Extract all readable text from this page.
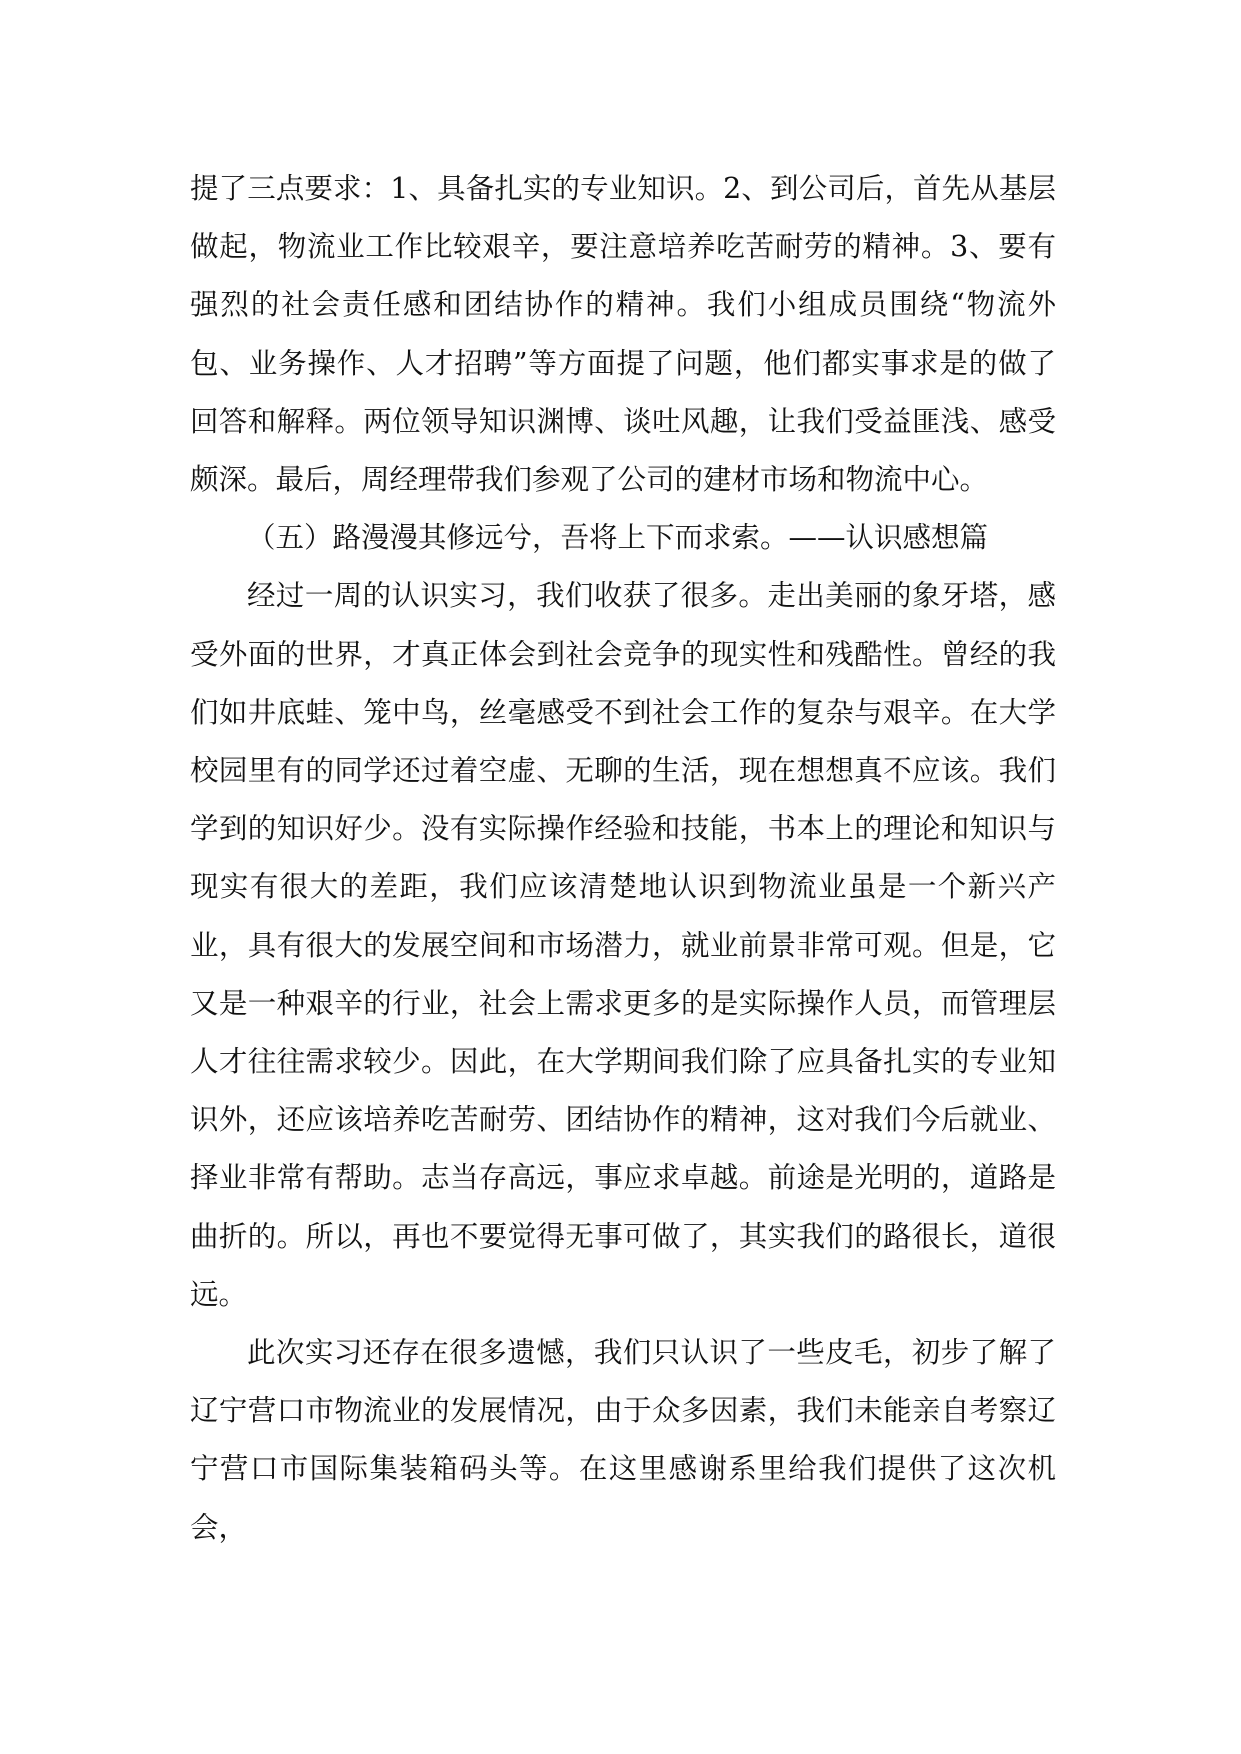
提了三点要求：1、具备扎实的专业知识。2、到公司后，首先从基层做起，物流业工作比较艰辛，要注意培养吃苦耐劳的精神。3、要有强烈的社会责任感和团结协作的精神。我们小组成员围绕“物流外包、业务操作、人才招聘”等方面提了问题，他们都实事求是的做了回答和解释。两位领导知识渊博、谈吐风趣，让我们受益匪浅、感受颇深。最后，周经理带我们参观了公司的建材市场和物流中心。

（五）路漫漫其修远兮，吾将上下而求索。——认识感想篇

经过一周的认识实习，我们收获了很多。走出美丽的象牙塔，感受外面的世界，才真正体会到社会竞争的现实性和残酷性。曾经的我们如井底蛙、笼中鸟，丝毫感受不到社会工作的复杂与艰辛。在大学校园里有的同学还过着空虚、无聊的生活，现在想想真不应该。我们学到的知识好少。没有实际操作经验和技能，书本上的理论和知识与现实有很大的差距，我们应该清楚地认识到物流业虽是一个新兴产业，具有很大的发展空间和市场潜力，就业前景非常可观。但是，它又是一种艰辛的行业，社会上需求更多的是实际操作人员，而管理层人才往往需求较少。因此，在大学期间我们除了应具备扎实的专业知识外，还应该培养吃苦耐劳、团结协作的精神，这对我们今后就业、择业非常有帮助。志当存高远，事应求卓越。前途是光明的，道路是曲折的。所以，再也不要觉得无事可做了，其实我们的路很长，道很远。

此次实习还存在很多遗憾，我们只认识了一些皮毛，初步了解了辽宁营口市物流业的发展情况，由于众多因素，我们未能亲自考察辽宁营口市国际集装箱码头等。在这里感谢系里给我们提供了这次机会，
